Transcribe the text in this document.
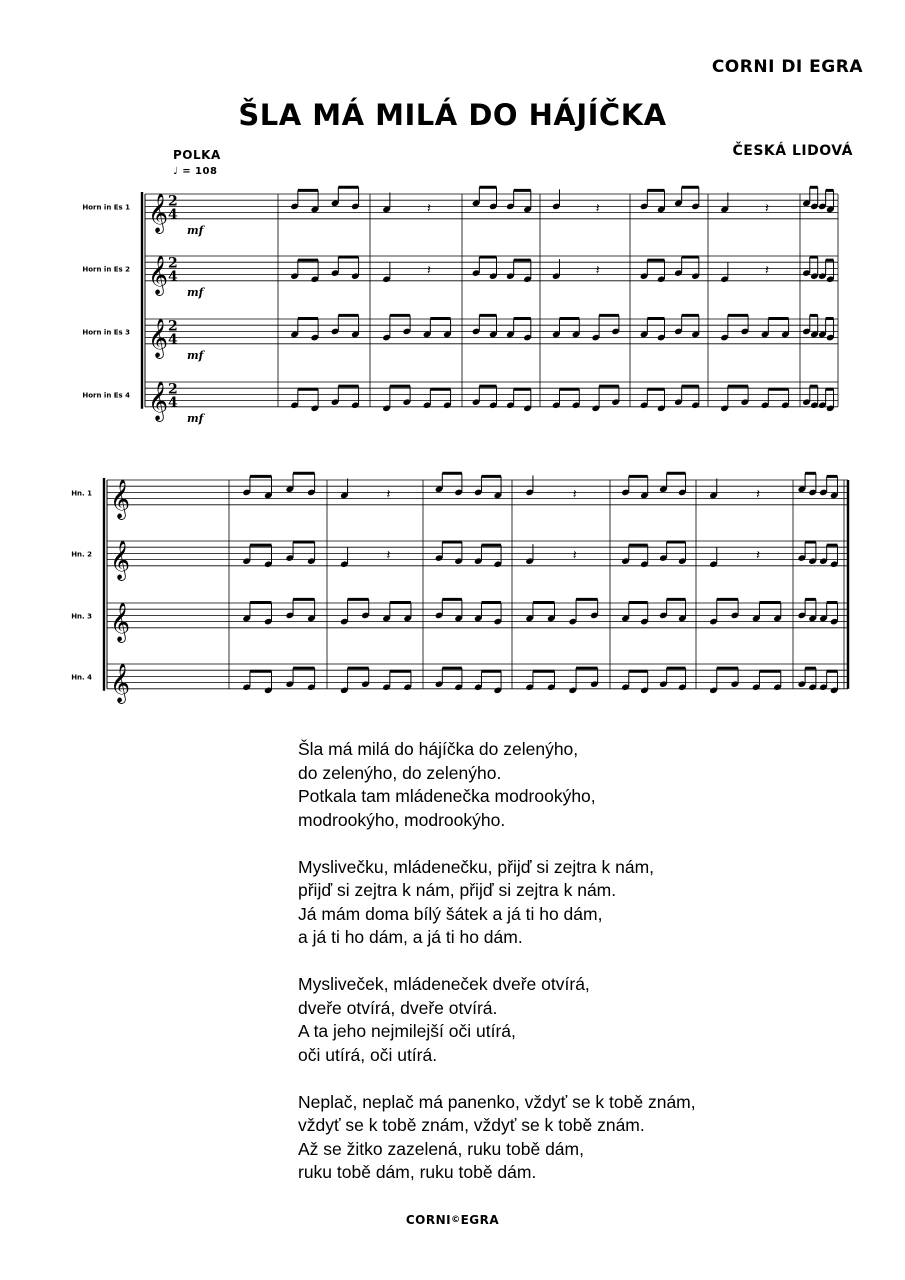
CORNI DI EGRA
ŠLA MÁ MILÁ DO HÁJÍČKA
ČESKÁ LIDOVÁ
POLKA
♩ = 108
Horn in Es 1 𝄞 2
4
mf
Horn in Es 2 𝄞 2
4
mf
Horn in Es 3 𝄞 2
4
mf
Horn in Es 4 𝄞 2
4
mf
𝄽	𝄽	𝄽
𝄽	𝄽	𝄽
Hn. 1 𝄞
Hn. 2 𝄞
Hn. 3 𝄞
Hn. 4 𝄞
𝄽	𝄽	𝄽
𝄽	𝄽	𝄽
Šla má milá do hájíčka do zelenýho,
do zelenýho, do zelenýho.
Potkala tam mládenečka modrookýho,
modrookýho, modrookýho.
Myslivečku, mládenečku, přijď si zejtra k nám,
přijď si zejtra k nám, přijď si zejtra k nám.
Já mám doma bílý šátek a já ti ho dám,
a já ti ho dám, a já ti ho dám.
Mysliveček, mládeneček dveře otvírá,
dveře otvírá, dveře otvírá.
A ta jeho nejmilejší oči utírá,
oči utírá, oči utírá.
Neplač, neplač má panenko, vždyť se k tobě znám,
vždyť se k tobě znám, vždyť se k tobě znám.
Až se žitko zazelená, ruku tobě dám,
ruku tobě dám, ruku tobě dám.
CORNI©EGRA
